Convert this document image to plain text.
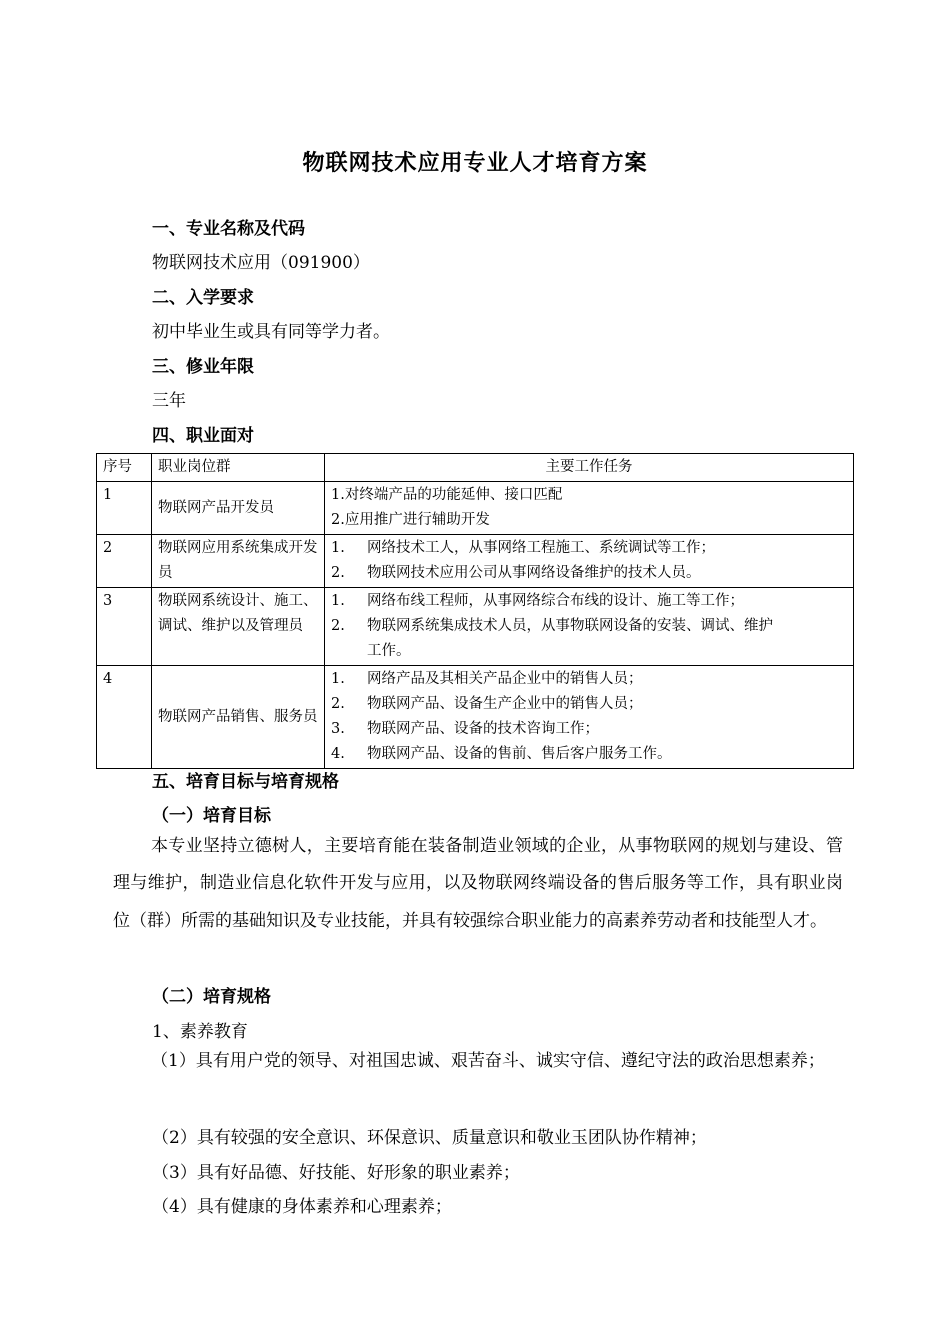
物联网技术应用专业人才培育方案
一、专业名称及代码
物联网技术应用（091900）
二、入学要求
初中毕业生或具有同等学力者。
三、修业年限
三年
四、职业面对
序号	职业岗位群	主要工作任务
1	物联网产品开发员	1.对终端产品的功能延伸、接口匹配
2.应用推广进行辅助开发

2	物联网应用系统集成开发员	1. 网络技术工人，从事网络工程施工、系统调试等工作；
2. 物联网技术应用公司从事网络设备维护的技术人员。

3	物联网系统设计、施工、调试、维护以及管理员	1. 网络布线工程师，从事网络综合布线的设计、施工等工作；
2. 物联网系统集成技术人员，从事物联网设备的安装、调试、维护
工作。

4	物联网产品销售、服务员	1. 网络产品及其相关产品企业中的销售人员；
2. 物联网产品、设备生产企业中的销售人员；
3. 物联网产品、设备的技术咨询工作；
4. 物联网产品、设备的售前、售后客户服务工作。
五、培育目标与培育规格
（一）培育目标
本专业坚持立德树人，主要培育能在装备制造业领域的企业，从事物联网的规划与建设、管理与维护，制造业信息化软件开发与应用，以及物联网终端设备的售后服务等工作，具有职业岗位（群）所需的基础知识及专业技能，并具有较强综合职业能力的高素养劳动者和技能型人才。
（二）培育规格
1、素养教育
（1）具有用户党的领导、对祖国忠诚、艰苦奋斗、诚实守信、遵纪守法的政治思想素养；
（2）具有较强的安全意识、环保意识、质量意识和敬业玉团队协作精神；
（3）具有好品德、好技能、好形象的职业素养；
（4）具有健康的身体素养和心理素养；
